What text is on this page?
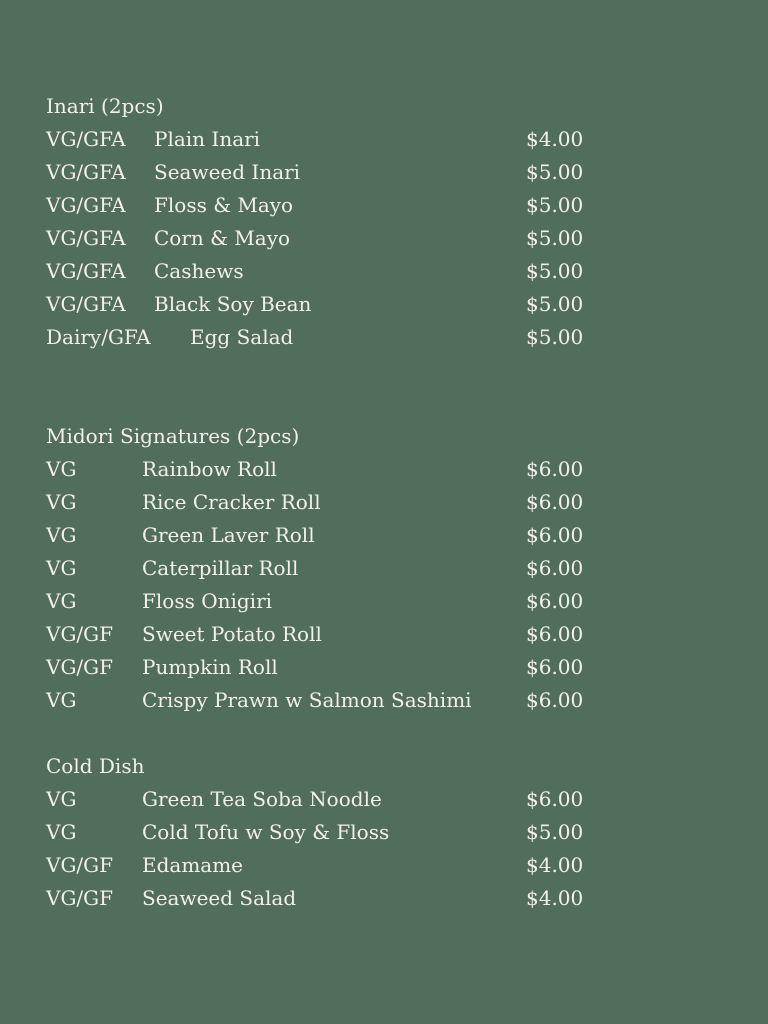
Inari (2pcs)
VG/GFA Plain Inari	$4.00
VG/GFA Seaweed Inari	$5.00
VG/GFA Floss & Mayo	$5.00
VG/GFA Corn & Mayo	$5.00
VG/GFA Cashews	$5.00
VG/GFA Black Soy Bean	$5.00
Dairy/GFA Egg Salad	$5.00
Midori Signatures (2pcs)
VG	Rainbow Roll	$6.00
VG	Rice Cracker Roll	$6.00
VG	Green Laver Roll	$6.00
VG	Caterpillar Roll	$6.00
VG	Floss Onigiri	$6.00
VG/GF Sweet Potato Roll	$6.00
VG/GF Pumpkin Roll	$6.00
VG	Crispy Prawn w Salmon Sashimi	$6.00
Cold Dish
VG	Green Tea Soba Noodle	$6.00
VG	Cold Tofu w Soy & Floss	$5.00
VG/GF Edamame	$4.00
VG/GF Seaweed Salad	$4.00
